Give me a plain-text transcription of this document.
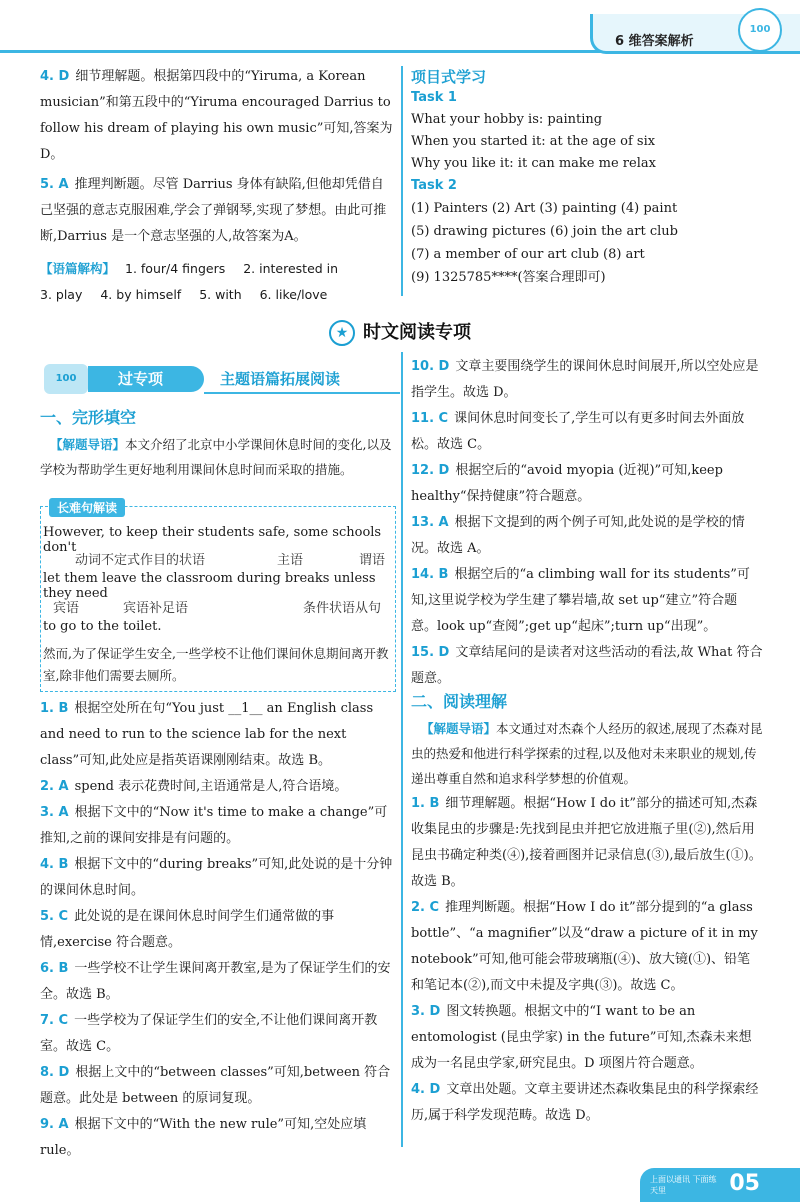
6 维答案解析
100
4. D 细节理解题。根据第四段中的“Yiruma, a Korean musician”和第五段中的“Yiruma encouraged Darrius to follow his dream of playing his own music”可知,答案为 D。
5. A 推理判断题。尽管 Darrius 身体有缺陷,但他却凭借自己坚强的意志克服困难,学会了弹钢琴,实现了梦想。由此可推断,Darrius 是一个意志坚强的人,故答案为A。
【语篇解构】 1. four/4 fingers 2. interested in
3. play 4. by himself 5. with 6. like/love
项目式学习
Task 1
What your hobby is: painting
When you started it: at the age of six
Why you like it: it can make me relax
Task 2
(1) Painters (2) Art (3) painting (4) paint
(5) drawing pictures (6) join the art club
(7) a member of our art club (8) art
(9) 1325785****(答案合理即可)
★ 时文阅读专项
100	过专项	主题语篇拓展阅读
一、完形填空
【解题导语】本文介绍了北京中小学课间休息时间的变化,以及学校为帮助学生更好地利用课间休息时间而采取的措施。
长难句解读
However, to keep their students safe, some schools don't
动词不定式作目的状语	主语	谓语
let them leave the classroom during breaks unless they need
宾语	宾语补足语	条件状语从句
to go to the toilet.
然而,为了保证学生安全,一些学校不让他们课间休息期间离开教室,除非他们需要去厕所。
1. B 根据空处所在句“You just __1__ an English class and need to run to the science lab for the next class”可知,此处应是指英语课刚刚结束。故选 B。
2. A spend 表示花费时间,主语通常是人,符合语境。
3. A 根据下文中的“Now it's time to make a change”可推知,之前的课间安排是有问题的。
4. B 根据下文中的“during breaks”可知,此处说的是十分钟的课间休息时间。
5. C 此处说的是在课间休息时间学生们通常做的事情,exercise 符合题意。
6. B 一些学校不让学生课间离开教室,是为了保证学生们的安全。故选 B。
7. C 一些学校为了保证学生们的安全,不让他们课间离开教室。故选 C。
8. D 根据上文中的“between classes”可知,between 符合题意。此处是 between 的原词复现。
9. A 根据下文中的“With the new rule”可知,空处应填 rule。
10. D 文章主要围绕学生的课间休息时间展开,所以空处应是指学生。故选 D。
11. C 课间休息时间变长了,学生可以有更多时间去外面放松。故选 C。
12. D 根据空后的“avoid myopia (近视)”可知,keep healthy“保持健康”符合题意。
13. A 根据下文提到的两个例子可知,此处说的是学校的情况。故选 A。
14. B 根据空后的“a climbing wall for its students”可知,这里说学校为学生建了攀岩墙,故 set up“建立”符合题意。look up“查阅”;get up“起床”;turn up“出现”。
15. D 文章结尾问的是读者对这些活动的看法,故 What 符合题意。
二、阅读理解
【解题导语】本文通过对杰森个人经历的叙述,展现了杰森对昆虫的热爱和他进行科学探索的过程,以及他对未来职业的规划,传递出尊重自然和追求科学梦想的价值观。
1. B 细节理解题。根据“How I do it”部分的描述可知,杰森收集昆虫的步骤是:先找到昆虫并把它放进瓶子里(②),然后用昆虫书确定种类(④),接着画图并记录信息(③),最后放生(①)。故选 B。
2. C 推理判断题。根据“How I do it”部分提到的“a glass bottle”、“a magnifier”以及“draw a picture of it in my notebook”可知,他可能会带玻璃瓶(④)、放大镜(①)、铅笔和笔记本(②),而文中未提及字典(③)。故选 C。
3. D 图文转换题。根据文中的“I want to be an entomologist (昆虫学家) in the future”可知,杰森未来想成为一名昆虫学家,研究昆虫。D 项图片符合题意。
4. D 文章出处题。文章主要讲述杰森收集昆虫的科学探索经历,属于科学发现范畴。故选 D。
上面以通讯 下面练天里	05
